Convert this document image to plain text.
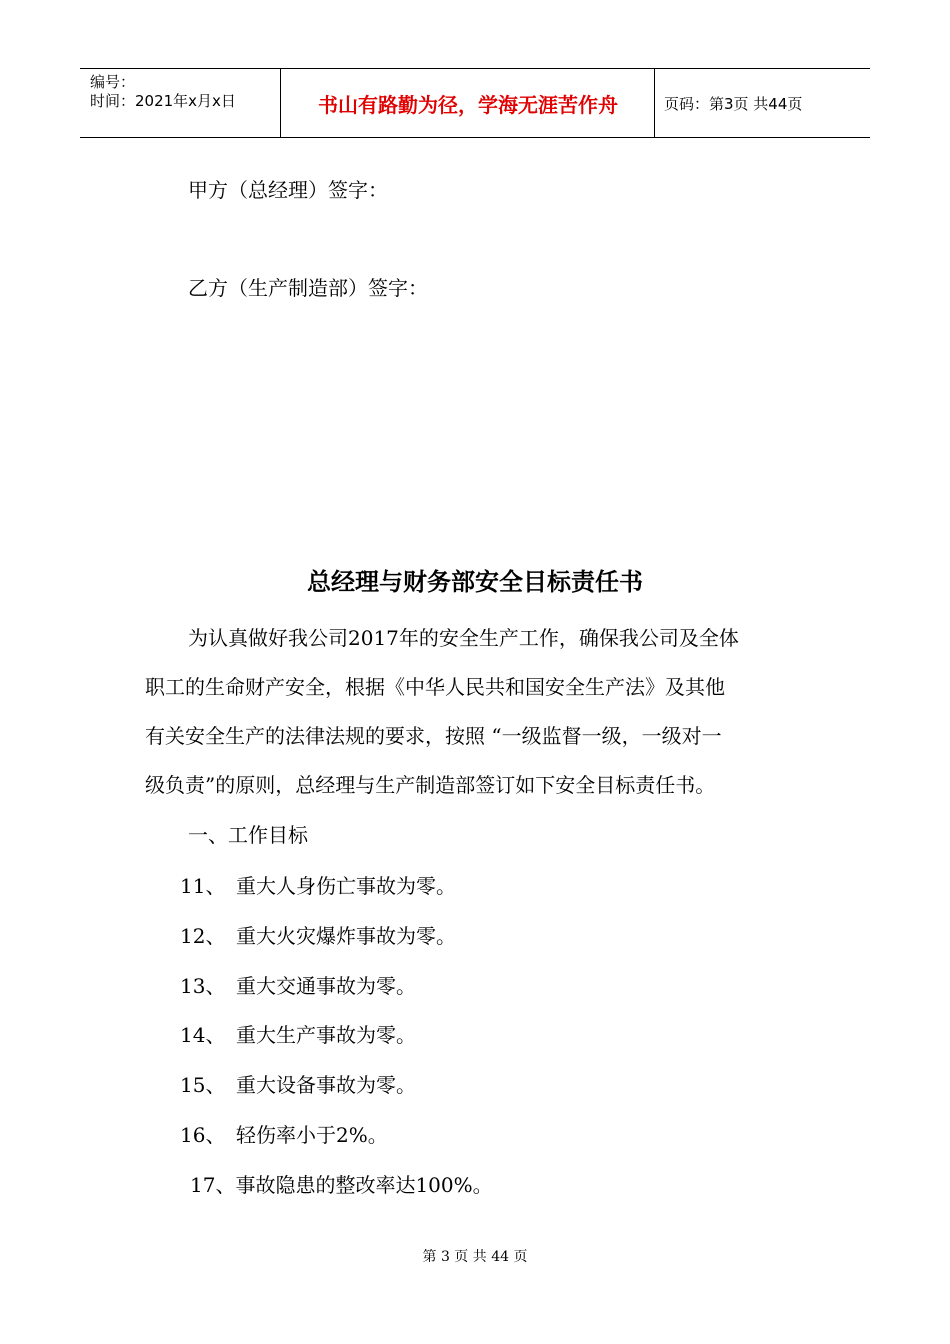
编号：
时间：2021年x月x日	书山有路勤为径，学海无涯苦作舟	页码：第3页 共44页
甲方（总经理）签字：
乙方（生产制造部）签字：
总经理与财务部安全目标责任书
为认真做好我公司2017年的安全生产工作，确保我公司及全体
职工的生命财产安全，根据《中华人民共和国安全生产法》及其他
有关安全生产的法律法规的要求，按照 “一级监督一级，一级对一
级负责”的原则，总经理与生产制造部签订如下安全目标责任书。
一、工作目标
11、 重大人身伤亡事故为零。
12、 重大火灾爆炸事故为零。
13、 重大交通事故为零。
14、 重大生产事故为零。
15、 重大设备事故为零。
16、 轻伤率小于2%。
17、事故隐患的整改率达100%。
第 3 页 共 44 页
